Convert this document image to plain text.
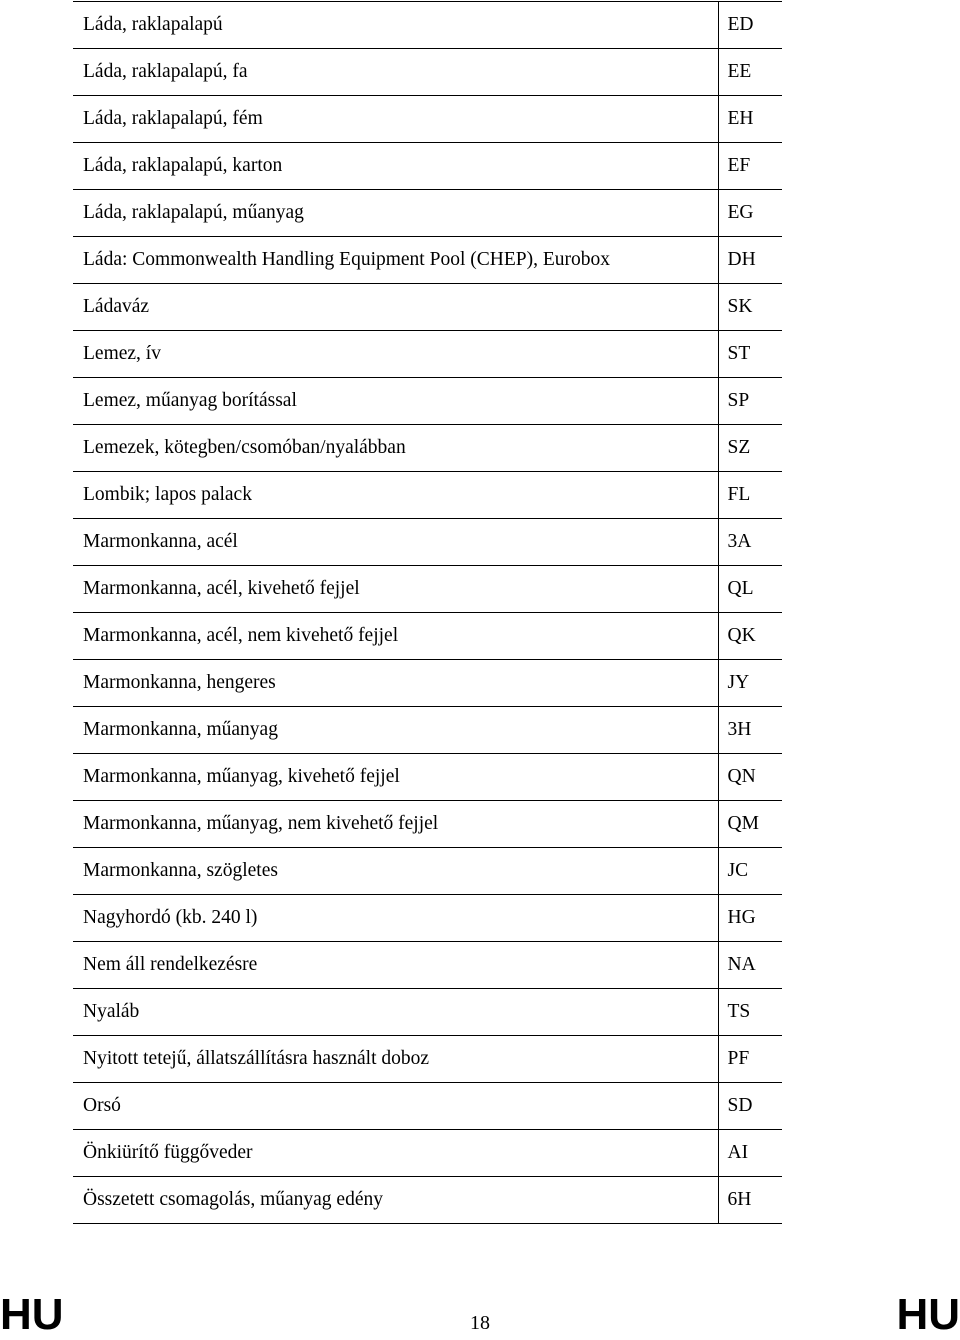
Láda, raklapalapú	ED
Láda, raklapalapú, fa	EE
Láda, raklapalapú, fém	EH
Láda, raklapalapú, karton	EF
Láda, raklapalapú, műanyag	EG
Láda: Commonwealth Handling Equipment Pool (CHEP), Eurobox	DH
Ládaváz	SK
Lemez, ív	ST
Lemez, műanyag borítással	SP
Lemezek, kötegben/csomóban/nyalábban	SZ
Lombik; lapos palack	FL
Marmonkanna, acél	3A
Marmonkanna, acél, kivehető fejjel	QL
Marmonkanna, acél, nem kivehető fejjel	QK
Marmonkanna, hengeres	JY
Marmonkanna, műanyag	3H
Marmonkanna, műanyag, kivehető fejjel	QN
Marmonkanna, műanyag, nem kivehető fejjel	QM
Marmonkanna, szögletes	JC
Nagyhordó (kb. 240 l)	HG
Nem áll rendelkezésre	NA
Nyaláb	TS
Nyitott tetejű, állatszállításra használt doboz	PF
Orsó	SD
Önkiürítő függőveder	AI
Összetett csomagolás, műanyag edény	6H
HU	18	HU
